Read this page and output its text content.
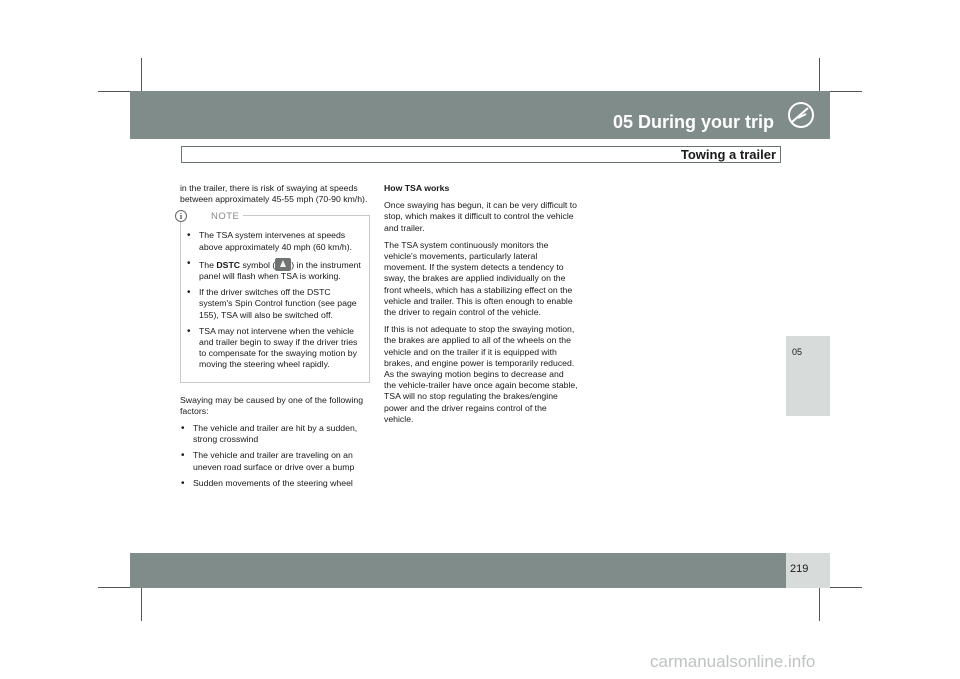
05 During your trip
Towing a trailer
05

in the trailer, there is risk of swaying at speeds between approximately 45-55 mph (70-90 km/h).

i	NOTE
• The TSA system intervenes at speeds above approximately 40 mph (60 km/h).
• The DSTC symbol ( ) in the instrument panel will flash when TSA is working.
• If the driver switches off the DSTC system's Spin Control function (see page 155), TSA will also be switched off.
• TSA may not intervene when the vehicle and trailer begin to sway if the driver tries to compensate for the swaying motion by moving the steering wheel rapidly.

Swaying may be caused by one of the following factors:

• The vehicle and trailer are hit by a sudden, strong crosswind
• The vehicle and trailer are traveling on an uneven road surface or drive over a bump
• Sudden movements of the steering wheel

How TSA works

Once swaying has begun, it can be very difficult to stop, which makes it difficult to control the vehicle and trailer.

The TSA system continuously monitors the vehicle's movements, particularly lateral movement. If the system detects a tendency to sway, the brakes are applied individually on the front wheels, which has a stabilizing effect on the vehicle and trailer. This is often enough to enable the driver to regain control of the vehicle.

If this is not adequate to stop the swaying motion, the brakes are applied to all of the wheels on the vehicle and on the trailer if it is equipped with brakes, and engine power is temporarily reduced. As the swaying motion begins to decrease and the vehicle-trailer have once again become stable, TSA will no stop regulating the brakes/engine power and the driver regains control of the vehicle.

219
carmanualsonline.info
